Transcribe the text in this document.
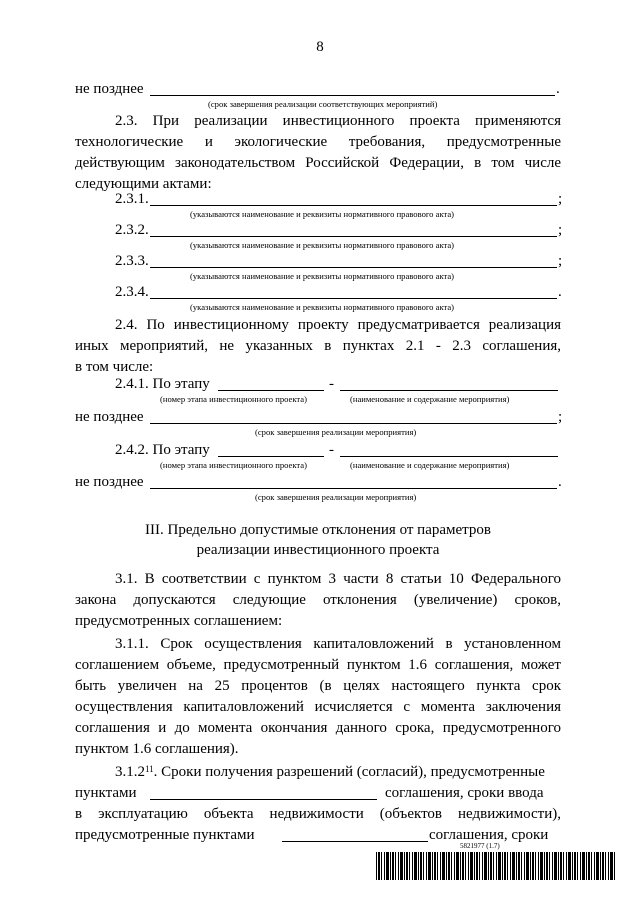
8
не позднее	.
(срок завершения реализации соответствующих мероприятий)
2.3. При реализации инвестиционного проекта применяются
технологические и экологические требования, предусмотренные
действующим законодательством Российской Федерации, в том числе
следующими актами:
2.3.1.	;
(указываются наименование и реквизиты нормативного правового акта)
2.3.2.	;
(указываются наименование и реквизиты нормативного правового акта)
2.3.3.	;
(указываются наименование и реквизиты нормативного правового акта)
2.3.4.	.
(указываются наименование и реквизиты нормативного правового акта)
2.4. По инвестиционному проекту предусматривается реализация
иных мероприятий, не указанных в пунктах 2.1 - 2.3 соглашения,
в том числе:
2.4.1. По этапу	-
(номер этапа инвестиционного проекта)	(наименование и содержание мероприятия)
не позднее	;
(срок завершения реализации мероприятия)
2.4.2. По этапу	-
(номер этапа инвестиционного проекта)	(наименование и содержание мероприятия)
не позднее	.
(срок завершения реализации мероприятия)
III. Предельно допустимые отклонения от параметров
реализации инвестиционного проекта
3.1. В соответствии с пунктом 3 части 8 статьи 10 Федерального
закона допускаются следующие отклонения (увеличение) сроков,
предусмотренных соглашением:
3.1.1. Срок осуществления капиталовложений в установленном
соглашением объеме, предусмотренный пунктом 1.6 соглашения, может
быть увеличен на 25 процентов (в целях настоящего пункта срок
осуществления капиталовложений исчисляется с момента заключения
соглашения и до момента окончания данного срока, предусмотренного
пунктом 1.6 соглашения).
3.1.2$^{11}$. Сроки получения разрешений (согласий), предусмотренные
пунктами	соглашения, сроки ввода
в эксплуатацию объекта недвижимости (объектов недвижимости),
предусмотренные пунктами	соглашения, сроки
5821977 (1.7)
